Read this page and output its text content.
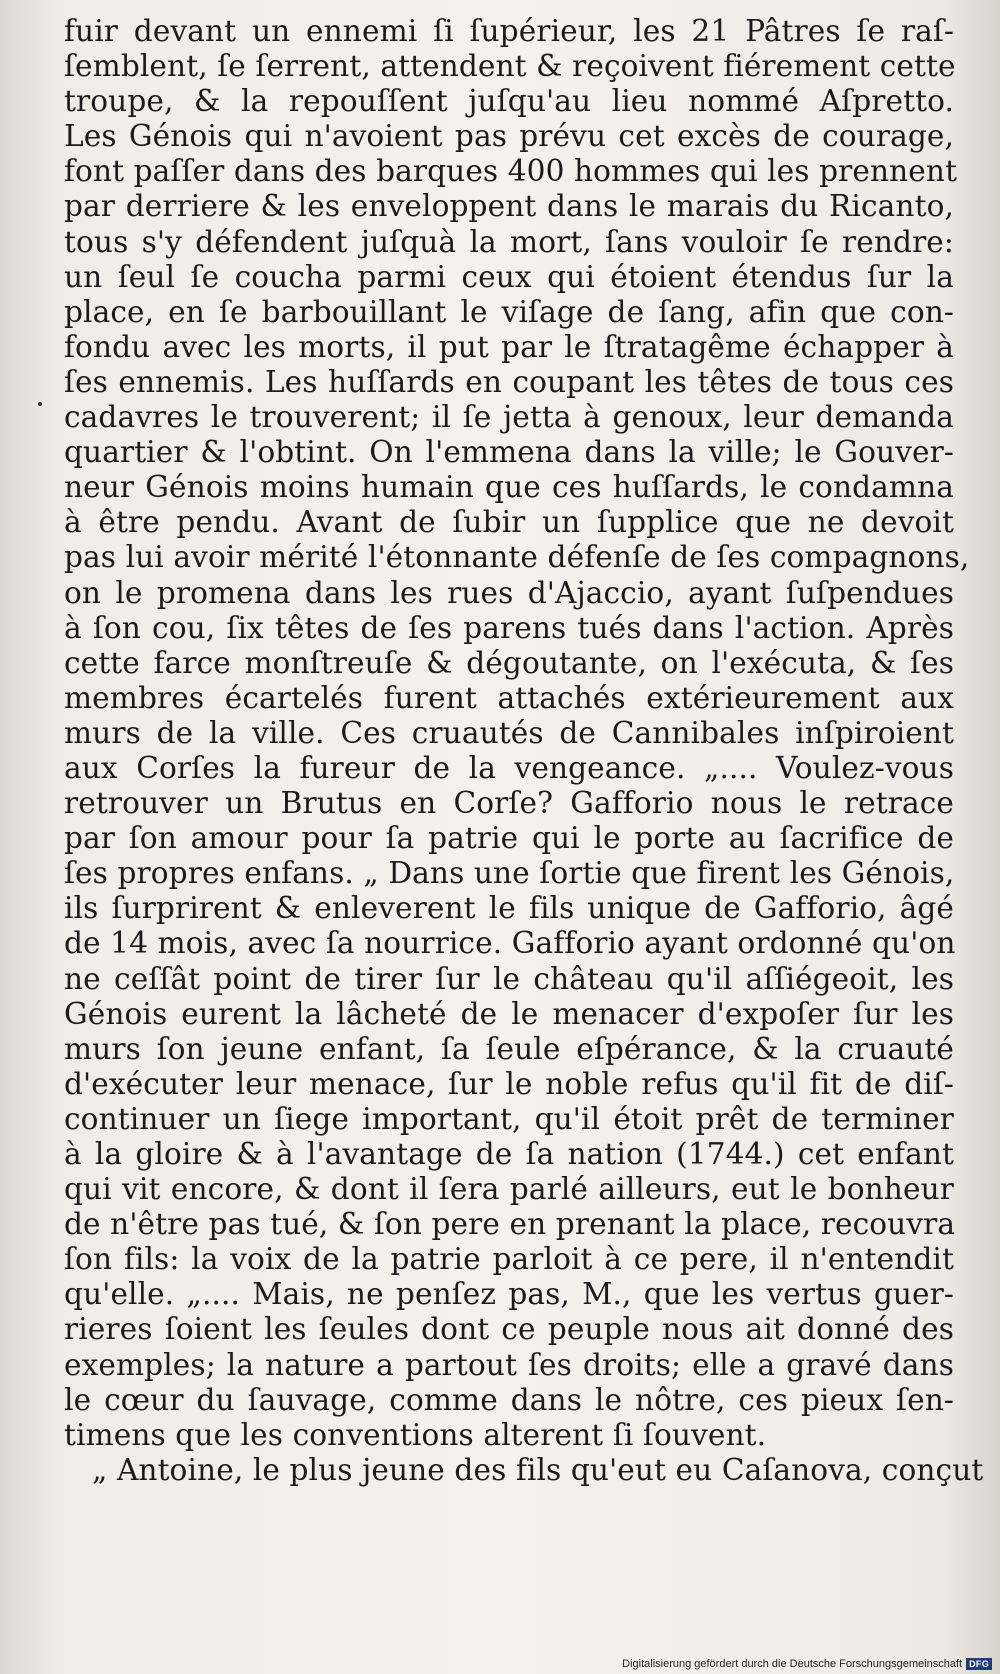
fuir devant un ennemi ſi ſupérieur, les 21 Pâtres ſe raſ-
ſemblent, ſe ſerrent, attendent & reçoivent fiérement cette
troupe, & la repouſſent juſqu'au lieu nommé Aſpretto.
Les Génois qui n'avoient pas prévu cet excès de courage,
font paſſer dans des barques 400 hommes qui les prennent
par derriere & les enveloppent dans le marais du Ricanto,
tous s'y défendent juſquà la mort, ſans vouloir ſe rendre:
un ſeul ſe coucha parmi ceux qui étoient étendus ſur la
place, en ſe barbouillant le viſage de ſang, afin que con-
fondu avec les morts, il put par le ſtratagême échapper à
ſes ennemis. Les huſſards en coupant les têtes de tous ces
cadavres le trouverent; il ſe jetta à genoux, leur demanda
quartier & l'obtint. On l'emmena dans la ville; le Gouver-
neur Génois moins humain que ces huſſards, le condamna
à être pendu. Avant de ſubir un ſupplice que ne devoit
pas lui avoir mérité l'étonnante défenſe de ſes compagnons,
on le promena dans les rues d'Ajaccio, ayant ſuſpendues
à ſon cou, ſix têtes de ſes parens tués dans l'action. Après
cette farce monſtreuſe & dégoutante, on l'exécuta, & ſes
membres écartelés furent attachés extérieurement aux
murs de la ville. Ces cruautés de Cannibales inſpiroient
aux Corſes la fureur de la vengeance. „.... Voulez-vous
retrouver un Brutus en Corſe? Gafforio nous le retrace
par ſon amour pour ſa patrie qui le porte au ſacrifice de
ſes propres enfans. „ Dans une ſortie que firent les Génois,
ils ſurprirent & enleverent le fils unique de Gafforio, âgé
de 14 mois, avec ſa nourrice. Gafforio ayant ordonné qu'on
ne ceſſât point de tirer ſur le château qu'il aſſiégeoit, les
Génois eurent la lâcheté de le menacer d'expoſer ſur les
murs ſon jeune enfant, ſa ſeule eſpérance, & la cruauté
d'exécuter leur menace, ſur le noble refus qu'il fit de diſ-
continuer un ſiege important, qu'il étoit prêt de terminer
à la gloire & à l'avantage de ſa nation (1744.) cet enfant
qui vit encore, & dont il ſera parlé ailleurs, eut le bonheur
de n'être pas tué, & ſon pere en prenant la place, recouvra
ſon fils: la voix de la patrie parloit à ce pere, il n'entendit
qu'elle. „.... Mais, ne penſez pas, M., que les vertus guer-
rieres ſoient les ſeules dont ce peuple nous ait donné des
exemples; la nature a partout ſes droits; elle a gravé dans
le cœur du ſauvage, comme dans le nôtre, ces pieux ſen-
timens que les conventions alterent ſi ſouvent.
„ Antoine, le plus jeune des fils qu'eut eu Caſanova, conçut
Digitalisierung gefördert durch die Deutsche Forschungsgemeinschaft DFG
